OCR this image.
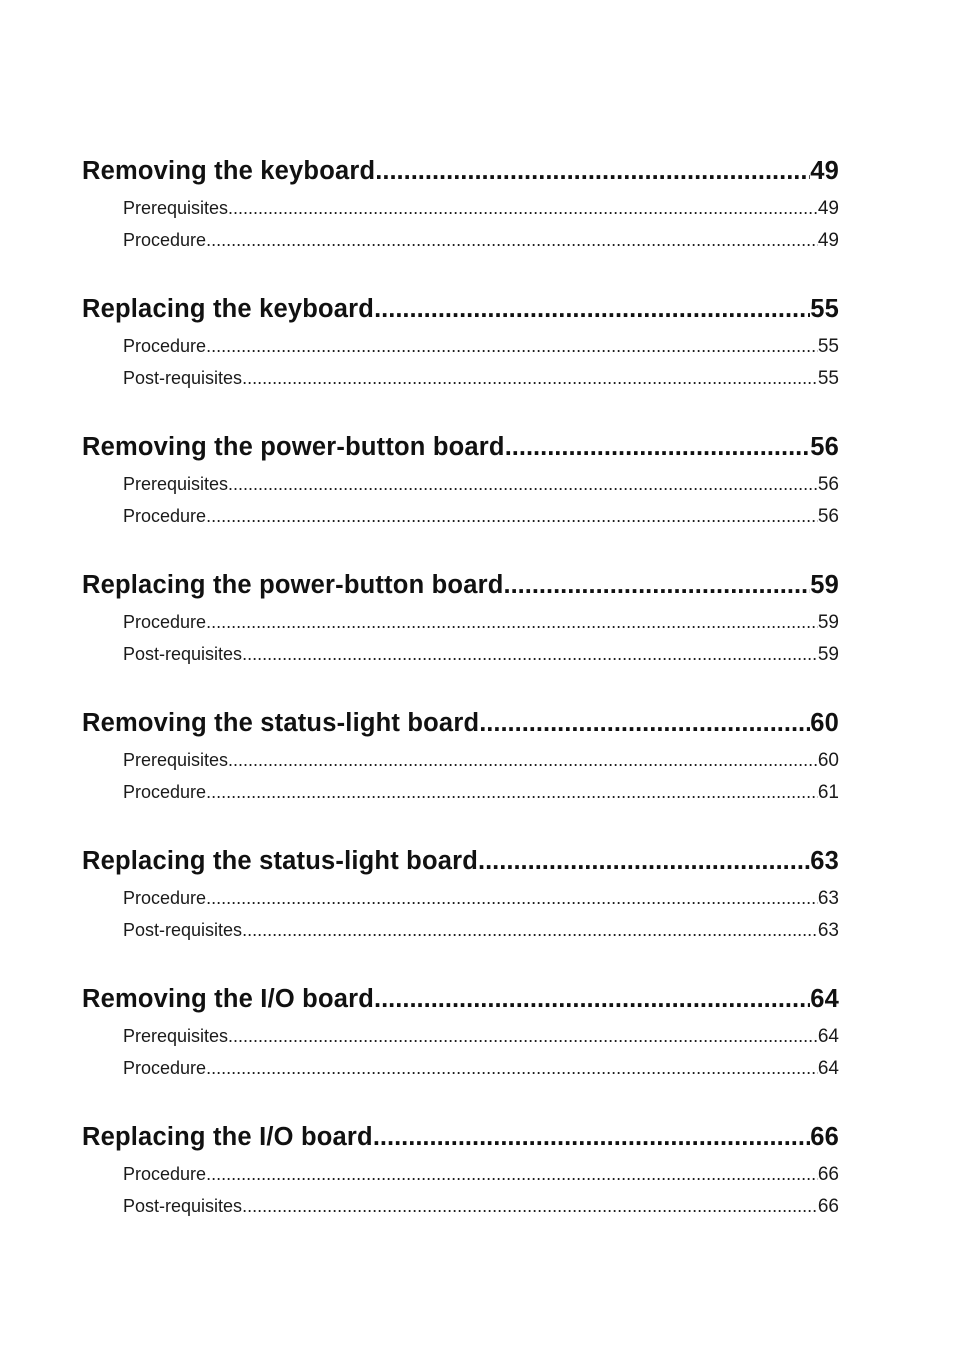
Removing the keyboard .....	49
Prerequisites .....	49
Procedure .....	49
Replacing the keyboard .....	55
Procedure .....	55
Post-requisites .....	55
Removing the power-button board .....	56
Prerequisites .....	56
Procedure .....	56
Replacing the power-button board .....	59
Procedure .....	59
Post-requisites .....	59
Removing the status-light board .....	60
Prerequisites .....	60
Procedure .....	61
Replacing the status-light board .....	63
Procedure .....	63
Post-requisites .....	63
Removing the I/O board .....	64
Prerequisites .....	64
Procedure .....	64
Replacing the I/O board .....	66
Procedure .....	66
Post-requisites .....	66
